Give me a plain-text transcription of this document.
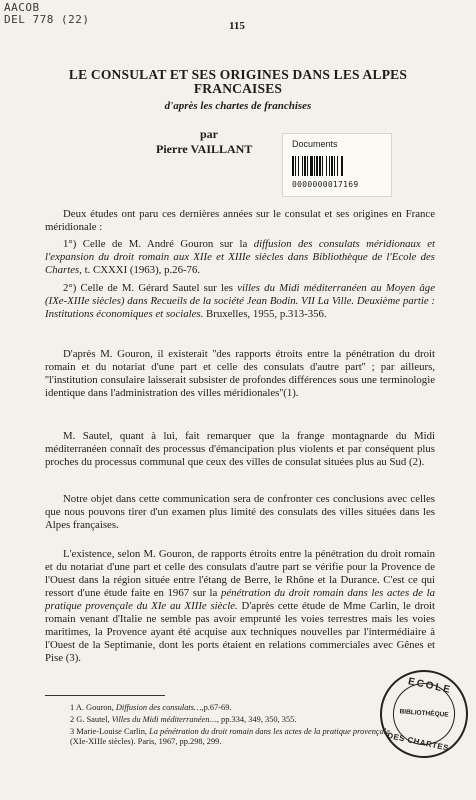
AACOB
DEL 778 (22)	115
LE CONSULAT ET SES ORIGINES DANS LES ALPES
FRANCAISES
d'après les chartes de franchises
par
Pierre VAILLANT	Documents
0000000017169
Deux études ont paru ces dernières années sur le consulat et ses origines en France méridionale :
1°) Celle de M. André Gouron sur la diffusion des consulats méridionaux et l'expansion du droit romain aux XIIe et XIIIe siècles dans Bibliothèque de l'Ecole des Chartes, t. CXXXI (1963), p.26-76.
2°) Celle de M. Gérard Sautel sur les villes du Midi méditerranéen au Moyen âge (IXe-XIIIe siècles) dans Recueils de la société Jean Bodin. VII La Ville. Deuxième partie : Institutions économiques et sociales. Bruxelles, 1955, p.313-356.
D'après M. Gouron, il existerait ''des rapports étroits entre la pénétration du droit romain et du notariat d'une part et celle des consulats d'autre part'' ; par ailleurs, ''l'institution consulaire laisserait subsister de profondes différences sous une terminologie identique dans l'administration des villes méridionales''(1).
M. Sautel, quant à lui, fait remarquer que la frange montagnarde du Midi méditerranéen connaît des processus d'émancipation plus violents et par conséquent plus proches du processus communal que ceux des villes de consulat situées plus au Sud (2).
Notre objet dans cette communication sera de confronter ces conclusions avec celles que nous pouvons tirer d'un examen plus limité des consulats des villes situées dans les Alpes françaises.
L'existence, selon M. Gouron, de rapports étroits entre la pénétration du droit romain et du notariat d'une part et celle des consulats d'autre part se vérifie pour la Provence de l'Ouest dans la région située entre l'étang de Berre, le Rhône et la Durance. C'est ce qui ressort d'une étude faite en 1967 sur la pénétration du droit romain dans les actes de la pratique provençale du XIe au XIIIe siècle. D'après cette étude de Mme Carlin, le droit romain venant d'Italie ne semble pas avoir emprunté les voies terrestres mais les voies maritimes, la Provence ayant été acquise aux techniques nouvelles par l'intermédiaire à l'Ouest de la Septimanie, dont les ports étaient en relations commerciales avec Gênes et Pise (3).
1 A. Gouron, Diffusion des consulats…,p.67-69.
2 G. Sautel, Villes du Midi méditerranéen…, pp.334, 349, 350, 355.
3 Marie-Louise Carlin, La pénétration du droit romain dans les actes de la pratique provençale (XIe-XIIIe siècles). Paris, 1967, pp.298, 299.
ECOLE
BIBLIOTHÈQUE
DES CHARTES
